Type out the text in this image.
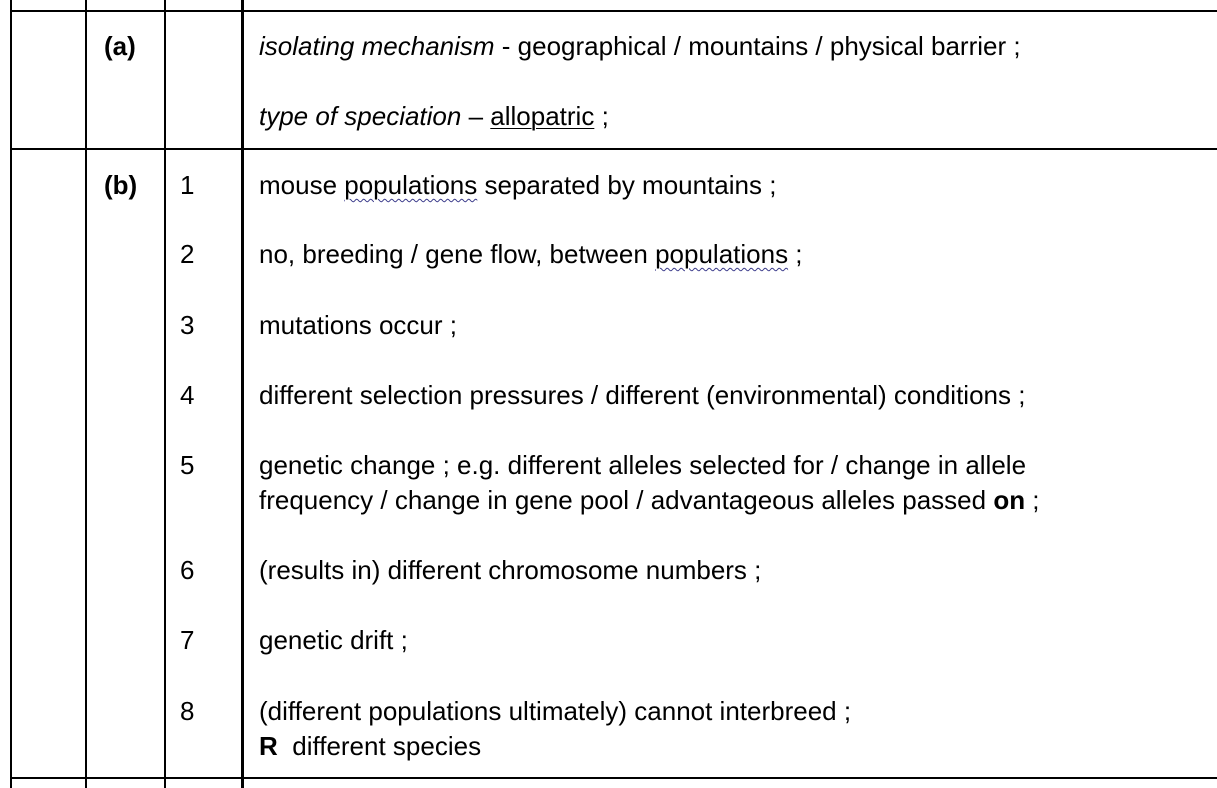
(a)	isolating mechanism - geographical / mountains / physical barrier ;
type of speciation – allopatric ;
(b) 1 mouse populations separated by mountains ;
2 no, breeding / gene flow, between populations ;
3 mutations occur ;
4 different selection pressures / different (environmental) conditions ;
5 genetic change ; e.g. different alleles selected for / change in allele
frequency / change in gene pool / advantageous alleles passed on ;
6 (results in) different chromosome numbers ;
7 genetic drift ;
8 (different populations ultimately) cannot interbreed ;
R  different species
